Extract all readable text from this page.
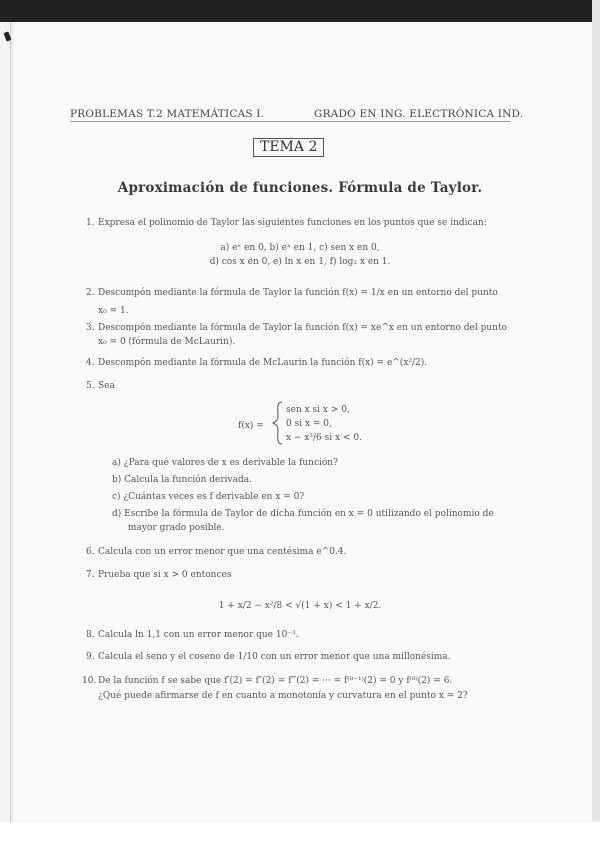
PROBLEMAS T.2 MATEMÁTICAS I.	GRADO EN ING. ELECTRÓNICA IND.
TEMA 2
Aproximación de funciones. Fórmula de Taylor.
1. Expresa el polinomio de Taylor las siguientes funciones en los puntos que se indican:
a) eˣ en 0, b) eˣ en 1, c) sen x en 0,
d) cos x en 0, e) ln x en 1, f) log₂ x en 1.
2. Descompón mediante la fórmula de Taylor la función f(x) = 1/x en un entorno del punto
x₀ = 1.
3. Descompón mediante la fórmula de Taylor la función f(x) = xe^x en un entorno del punto
x₀ = 0 (fórmula de McLaurin).
4. Descompón mediante la fórmula de McLaurin la función f(x) = e^(x²/2).
5. Sea
f(x) =
sen x si x > 0,
0 si x = 0,
x − x³/6 si x < 0.
a) ¿Para qué valores de x es derivable la función?
b) Calcula la función derivada.
c) ¿Cuántas veces es f derivable en x = 0?
d) Escribe la fórmula de Taylor de dicha función en x = 0 utilizando el polinomio de
mayor grado posible.
6. Calcula con un error menor que una centésima e^0.4.
7. Prueba que si x > 0 entonces
1 + x/2 − x²/8 < √(1 + x) < 1 + x/2.
8. Calcula ln 1,1 con un error menor que 10⁻³.
9. Calcula el seno y el coseno de 1/10 con un error menor que una millonésima.
10. De la función f se sabe que f′(2) = f″(2) = f‴(2) = ··· = f⁽⁸⁻¹⁾(2) = 0 y f⁽⁸⁾(2) = 6.
¿Qué puede afirmarse de f en cuanto a monotonía y curvatura en el punto x = 2?
